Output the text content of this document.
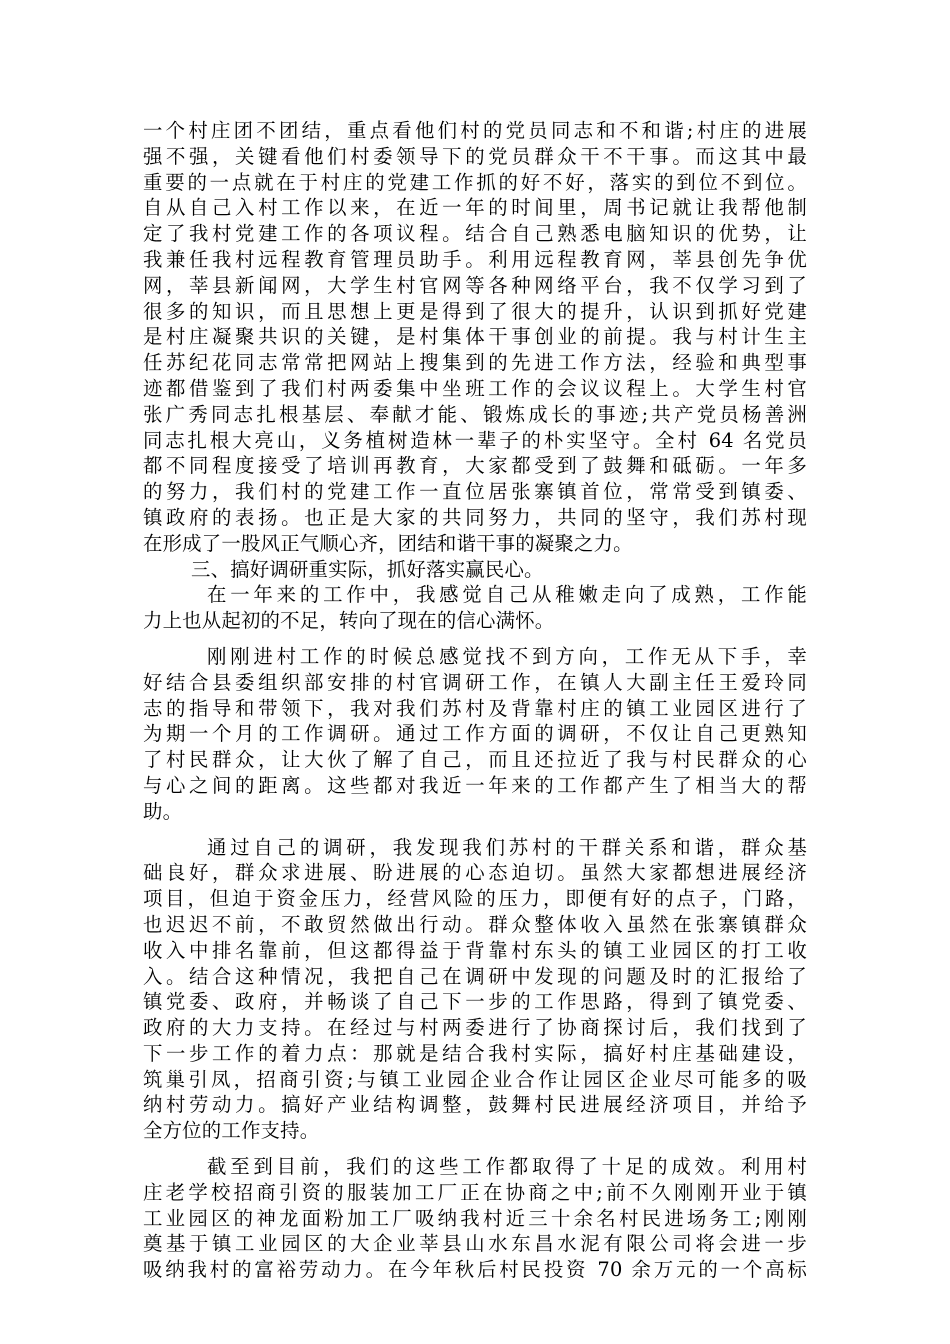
一个村庄团不团结，重点看他们村的党员同志和不和谐;村庄的进展
强不强，关键看他们村委领导下的党员群众干不干事。而这其中最
重要的一点就在于村庄的党建工作抓的好不好，落实的到位不到位。
自从自己入村工作以来，在近一年的时间里，周书记就让我帮他制
定了我村党建工作的各项议程。结合自己熟悉电脑知识的优势，让
我兼任我村远程教育管理员助手。利用远程教育网，莘县创先争优
网，莘县新闻网，大学生村官网等各种网络平台，我不仅学习到了
很多的知识，而且思想上更是得到了很大的提升，认识到抓好党建
是村庄凝聚共识的关键，是村集体干事创业的前提。我与村计生主
任苏纪花同志常常把网站上搜集到的先进工作方法，经验和典型事
迹都借鉴到了我们村两委集中坐班工作的会议议程上。大学生村官
张广秀同志扎根基层、奉献才能、锻炼成长的事迹;共产党员杨善洲
同志扎根大亮山，义务植树造林一辈子的朴实坚守。全村 64 名党员
都不同程度接受了培训再教育，大家都受到了鼓舞和砥砺。一年多
的努力，我们村的党建工作一直位居张寨镇首位，常常受到镇委、
镇政府的表扬。也正是大家的共同努力，共同的坚守，我们苏村现
在形成了一股风正气顺心齐，团结和谐干事的凝聚之力。
三、搞好调研重实际，抓好落实赢民心。
在一年来的工作中，我感觉自己从稚嫩走向了成熟，工作能
力上也从起初的不足，转向了现在的信心满怀。
刚刚进村工作的时候总感觉找不到方向，工作无从下手，幸
好结合县委组织部安排的村官调研工作，在镇人大副主任王爱玲同
志的指导和带领下，我对我们苏村及背靠村庄的镇工业园区进行了
为期一个月的工作调研。通过工作方面的调研，不仅让自己更熟知
了村民群众，让大伙了解了自己，而且还拉近了我与村民群众的心
与心之间的距离。这些都对我近一年来的工作都产生了相当大的帮
助。
通过自己的调研，我发现我们苏村的干群关系和谐，群众基
础良好，群众求进展、盼进展的心态迫切。虽然大家都想进展经济
项目，但迫于资金压力，经营风险的压力，即便有好的点子，门路，
也迟迟不前，不敢贸然做出行动。群众整体收入虽然在张寨镇群众
收入中排名靠前，但这都得益于背靠村东头的镇工业园区的打工收
入。结合这种情况，我把自己在调研中发现的问题及时的汇报给了
镇党委、政府，并畅谈了自己下一步的工作思路，得到了镇党委、
政府的大力支持。在经过与村两委进行了协商探讨后，我们找到了
下一步工作的着力点：那就是结合我村实际，搞好村庄基础建设，
筑巢引凤，招商引资;与镇工业园企业合作让园区企业尽可能多的吸
纳村劳动力。搞好产业结构调整，鼓舞村民进展经济项目，并给予
全方位的工作支持。
截至到目前，我们的这些工作都取得了十足的成效。利用村
庄老学校招商引资的服装加工厂正在协商之中;前不久刚刚开业于镇
工业园区的神龙面粉加工厂吸纳我村近三十余名村民进场务工;刚刚
奠基于镇工业园区的大企业莘县山水东昌水泥有限公司将会进一步
吸纳我村的富裕劳动力。在今年秋后村民投资 70 余万元的一个高标
